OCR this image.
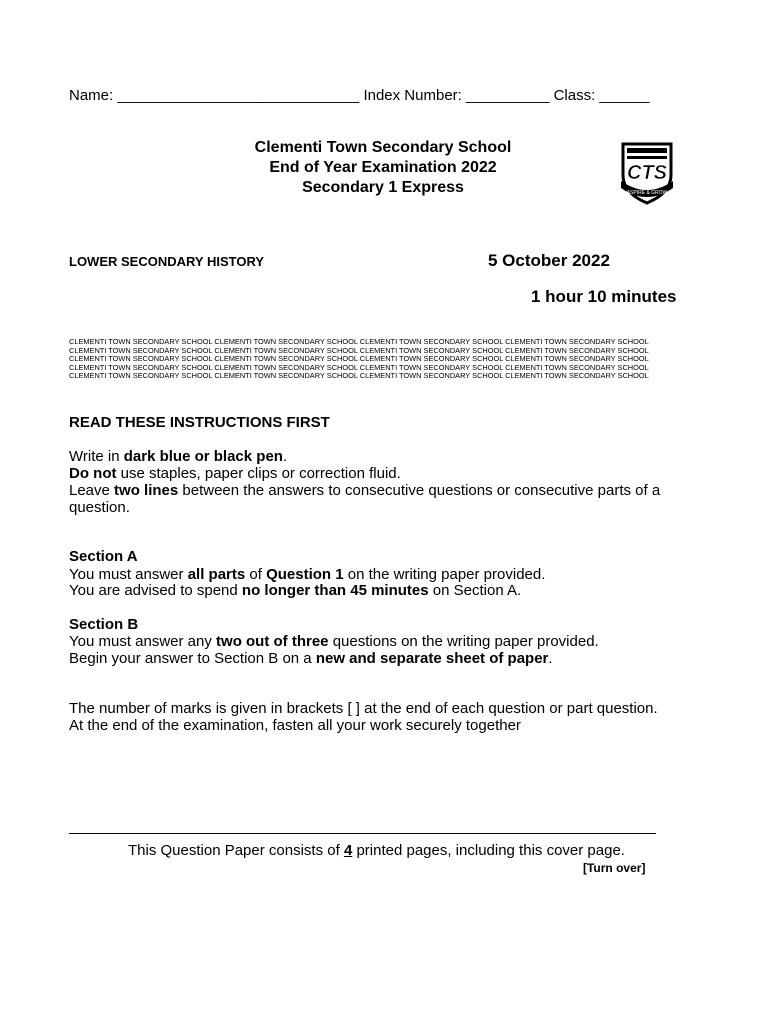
Name: _____________________________ Index Number: __________ Class: ______
Clementi Town Secondary School
End of Year Examination 2022
Secondary 1 Express
CTS
ASPIRE & GROW
LOWER SECONDARY HISTORY	5 October 2022
1 hour 10 minutes
CLEMENTI TOWN SECONDARY SCHOOL CLEMENTI TOWN SECONDARY SCHOOL CLEMENTI TOWN SECONDARY SCHOOL CLEMENTI TOWN SECONDARY SCHOOL
CLEMENTI TOWN SECONDARY SCHOOL CLEMENTI TOWN SECONDARY SCHOOL CLEMENTI TOWN SECONDARY SCHOOL CLEMENTI TOWN SECONDARY SCHOOL
CLEMENTI TOWN SECONDARY SCHOOL CLEMENTI TOWN SECONDARY SCHOOL CLEMENTI TOWN SECONDARY SCHOOL CLEMENTI TOWN SECONDARY SCHOOL
CLEMENTI TOWN SECONDARY SCHOOL CLEMENTI TOWN SECONDARY SCHOOL CLEMENTI TOWN SECONDARY SCHOOL CLEMENTI TOWN SECONDARY SCHOOL
CLEMENTI TOWN SECONDARY SCHOOL CLEMENTI TOWN SECONDARY SCHOOL CLEMENTI TOWN SECONDARY SCHOOL CLEMENTI TOWN SECONDARY SCHOOL
READ THESE INSTRUCTIONS FIRST
Write in dark blue or black pen.
Do not use staples, paper clips or correction fluid.
Leave two lines between the answers to consecutive questions or consecutive parts of a question.
Section A
You must answer all parts of Question 1 on the writing paper provided.
You are advised to spend no longer than 45 minutes on Section A.
Section B
You must answer any two out of three questions on the writing paper provided.
Begin your answer to Section B on a new and separate sheet of paper.
The number of marks is given in brackets [ ] at the end of each question or part question.
At the end of the examination, fasten all your work securely together
This Question Paper consists of 4 printed pages, including this cover page.
[Turn over]
